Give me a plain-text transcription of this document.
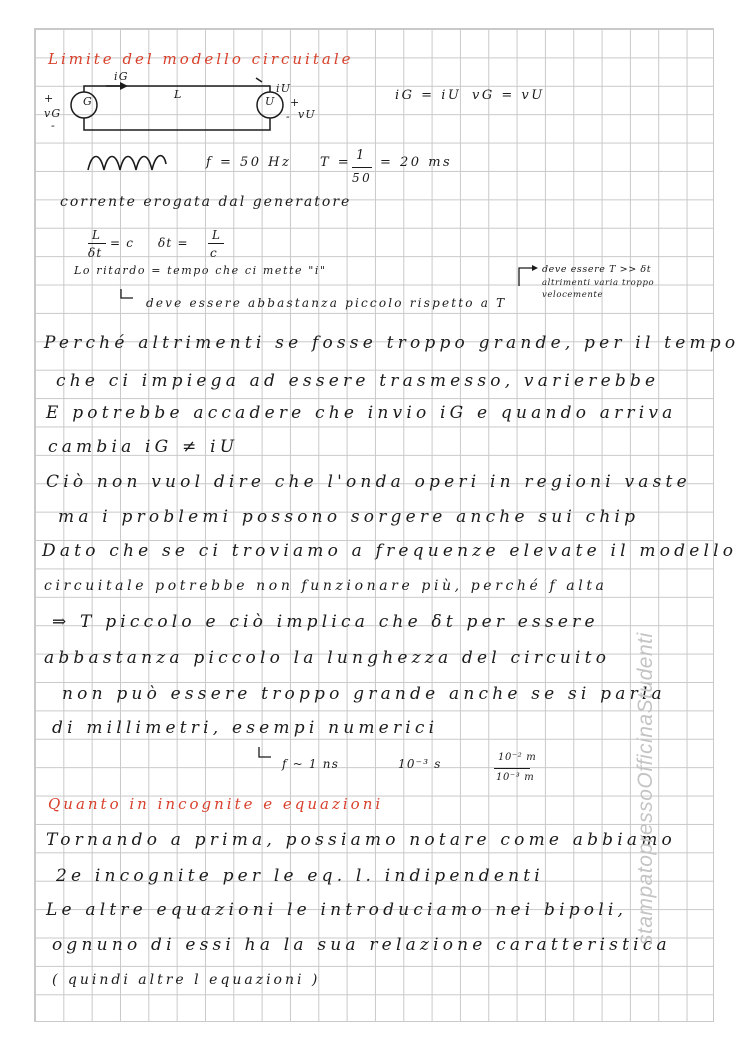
Limite del modello circuitale
G	U
iG
L	iU
+
vG
-
+
vU
-
iG = iU vG = vU
f = 50 Hz T = 1
50
= 20 ms
corrente erogata dal generatore
L
δt
= c δt =
L
c
Lo ritardo = tempo che ci mette "i"	deve essere T >> δt
altrimenti varia troppo
velocemente
deve essere abbastanza piccolo rispetto a T
Perché altrimenti se fosse troppo grande, per il tempo
che ci impiega ad essere trasmesso, varierebbe
E potrebbe accadere che invio iG e quando arriva
cambia iG ≠ iU
Ciò non vuol dire che l'onda operi in regioni vaste
ma i problemi possono sorgere anche sui chip
Dato che se ci troviamo a frequenze elevate il modello
circuitale potrebbe non funzionare più, perché f alta
⇒ T piccolo e ciò implica che δt per essere
abbastanza piccolo la lunghezza del circuito
non può essere troppo grande anche se si parla
di millimetri, esempi numerici
f ~ 1 ns	10⁻³ s	10⁻² m
10⁻³ m
Quanto in incognite e equazioni
Tornando a prima, possiamo notare come abbiamo
2e incognite per le eq. l. indipendenti
Le altre equazioni le introduciamo nei bipoli,
ognuno di essi ha la sua relazione caratteristica
( quindi altre l equazioni )
stampatopressoOfficinaStudenti
